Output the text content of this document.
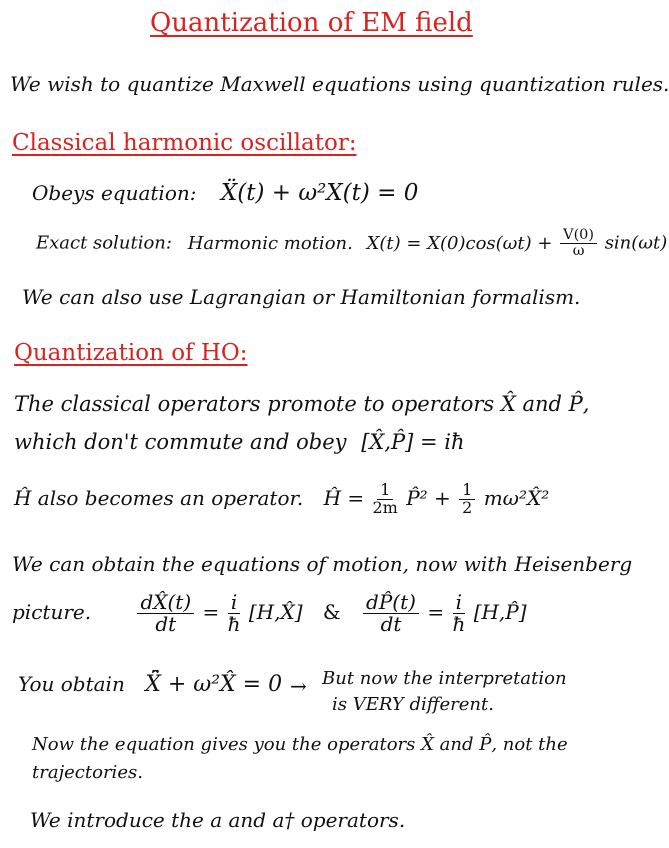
Quantization of EM field
We wish to quantize Maxwell equations using quantization rules.
Classical harmonic oscillator:
Obeys equation: Ẍ(t) + ω²X(t) = 0
Exact solution: Harmonic motion. $X(t) = X(0)\cos(\omega t) + \frac{V(0)}{\omega} \sin(\omega t)$
We can also use Lagrangian or Hamiltonian formalism.
Quantization of HO:
The classical operators promote to operators X̂ and P̂,
which don't commute and obey [X̂,P̂] = iħ
Ĥ also becomes an operator. Ĥ = $\frac{1}{2m}$ P̂² + $\frac{1}{2}$ mω²X̂²
We can obtain the equations of motion, now with Heisenberg
picture. $\frac{dX̂(t)}{dt} = \frac{i}{ħ}$ [H,X̂] & $\frac{dP̂(t)}{dt} = \frac{i}{ħ}$ [H,P̂]
You obtain X̂̈ + ω²X̂ = 0 → But now the interpretation
is VERY different.
Now the equation gives you the operators X̂ and P̂, not the
trajectories.
We introduce the a and a† operators.
